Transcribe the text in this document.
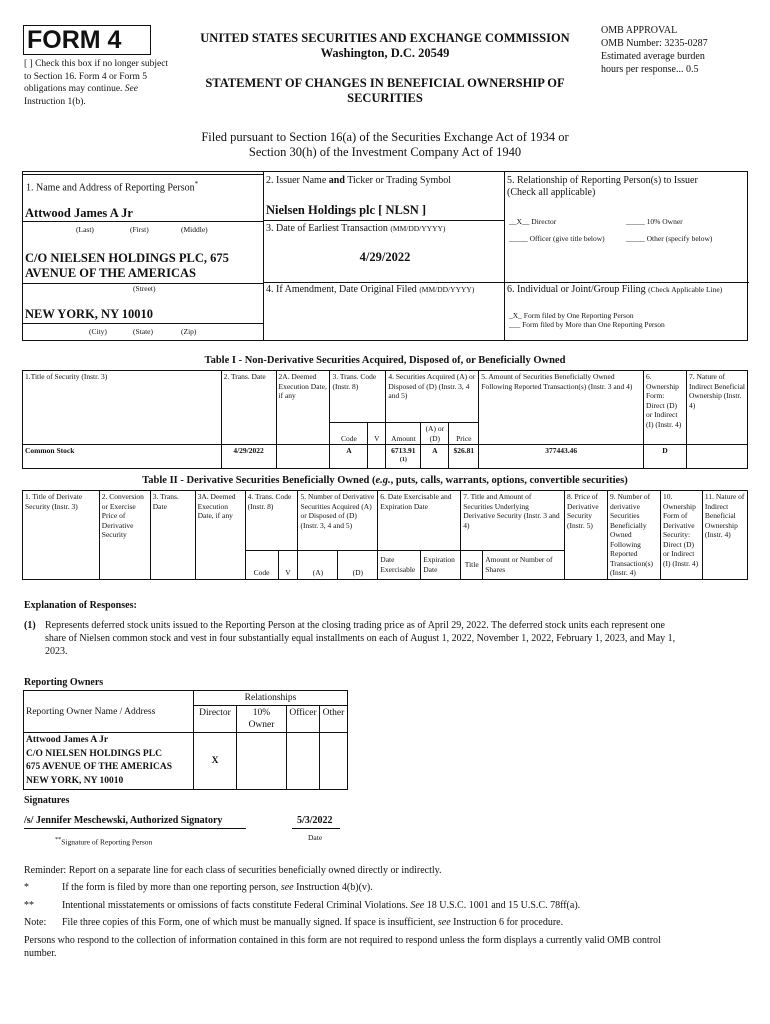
FORM 4
[ ] Check this box if no longer subject to Section 16. Form 4 or Form 5 obligations may continue. See Instruction 1(b).
UNITED STATES SECURITIES AND EXCHANGE COMMISSION
Washington, D.C. 20549
STATEMENT OF CHANGES IN BENEFICIAL OWNERSHIP OF
SECURITIES
OMB APPROVAL
OMB Number: 3235-0287
Estimated average burden
hours per response... 0.5
Filed pursuant to Section 16(a) of the Securities Exchange Act of 1934 or
Section 30(h) of the Investment Company Act of 1940
1. Name and Address of Reporting Person*
Attwood James A Jr
(Last)	(First)	(Middle)
C/O NIELSEN HOLDINGS PLC, 675
AVENUE OF THE AMERICAS
(Street)
NEW YORK, NY 10010
(City)	(State)	(Zip)
2. Issuer Name and Ticker or Trading Symbol
Nielsen Holdings plc [ NLSN ]
3. Date of Earliest Transaction (MM/DD/YYYY)
4/29/2022
4. If Amendment, Date Original Filed (MM/DD/YYYY)
5. Relationship of Reporting Person(s) to Issuer
(Check all applicable)
__X__ Director	_____ 10% Owner
_____ Officer (give title below)	_____ Other (specify below)
6. Individual or Joint/Group Filing (Check Applicable Line)
_X_ Form filed by One Reporting Person
___ Form filed by More than One Reporting Person
Table I - Non-Derivative Securities Acquired, Disposed of, or Beneficially Owned
1.Title of Security (Instr. 3)	2. Trans. Date	2A. Deemed Execution Date, if any	3. Trans. Code (Instr. 8)		4. Securities Acquired (A) or Disposed of (D) (Instr. 3, 4 and 5)			5. Amount of Securities Beneficially Owned Following Reported Transaction(s) (Instr. 3 and 4)	6. Ownership Form: Direct (D) or Indirect (I) (Instr. 4)	7. Nature of Indirect Beneficial Ownership (Instr. 4)
			Code	V	Amount	(A) or (D)	Price			
Common Stock	4/29/2022		A		6713.91 $^{(1)}$	A	$26.81	377443.46	D	
Table II - Derivative Securities Beneficially Owned (e.g., puts, calls, warrants, options, convertible securities)
1. Title of Derivate Security (Instr. 3)	2. Conversion or Exercise Price of Derivative Security	3. Trans. Date	3A. Deemed Execution Date, if any	4. Trans. Code (Instr. 8)		5. Number of Derivative Securities Acquired (A) or Disposed of (D) (Instr. 3, 4 and 5)		6. Date Exercisable and Expiration Date		7. Title and Amount of Securities Underlying Derivative Security (Instr. 3 and 4)		8. Price of Derivative Security (Instr. 5)	9. Number of derivative Securities Beneficially Owned Following Reported Transaction(s) (Instr. 4)	10. Ownership Form of Derivative Security: Direct (D) or Indirect (I) (Instr. 4)	11. Nature of Indirect Beneficial Ownership (Instr. 4)
				Code	V	(A)	(D)	Date Exercisable	Expiration Date	Title	Amount or Number of Shares				
Explanation of Responses:
(1) Represents deferred stock units issued to the Reporting Person at the closing trading price as of April 29, 2022. The deferred stock units each represent one
share of Nielsen common stock and vest in four substantially equal installments on each of August 1, 2022, November 1, 2022, February 1, 2023, and May 1,
2023.
Reporting Owners
Reporting Owner Name / Address	Relationships			
	Director	10% Owner	Officer	Other

Attwood James A Jr
C/O NIELSEN HOLDINGS PLC
675 AVENUE OF THE AMERICAS
NEW YORK, NY 10010	X			
Signatures
/s/ Jennifer Meschewski, Authorized Signatory	5/3/2022
**Signature of Reporting Person	Date
Reminder: Report on a separate line for each class of securities beneficially owned directly or indirectly.
*	If the form is filed by more than one reporting person, see Instruction 4(b)(v).
**	Intentional misstatements or omissions of facts constitute Federal Criminal Violations. See 18 U.S.C. 1001 and 15 U.S.C. 78ff(a).
Note: File three copies of this Form, one of which must be manually signed. If space is insufficient, see Instruction 6 for procedure.
Persons who respond to the collection of information contained in this form are not required to respond unless the form displays a currently valid OMB control
number.
